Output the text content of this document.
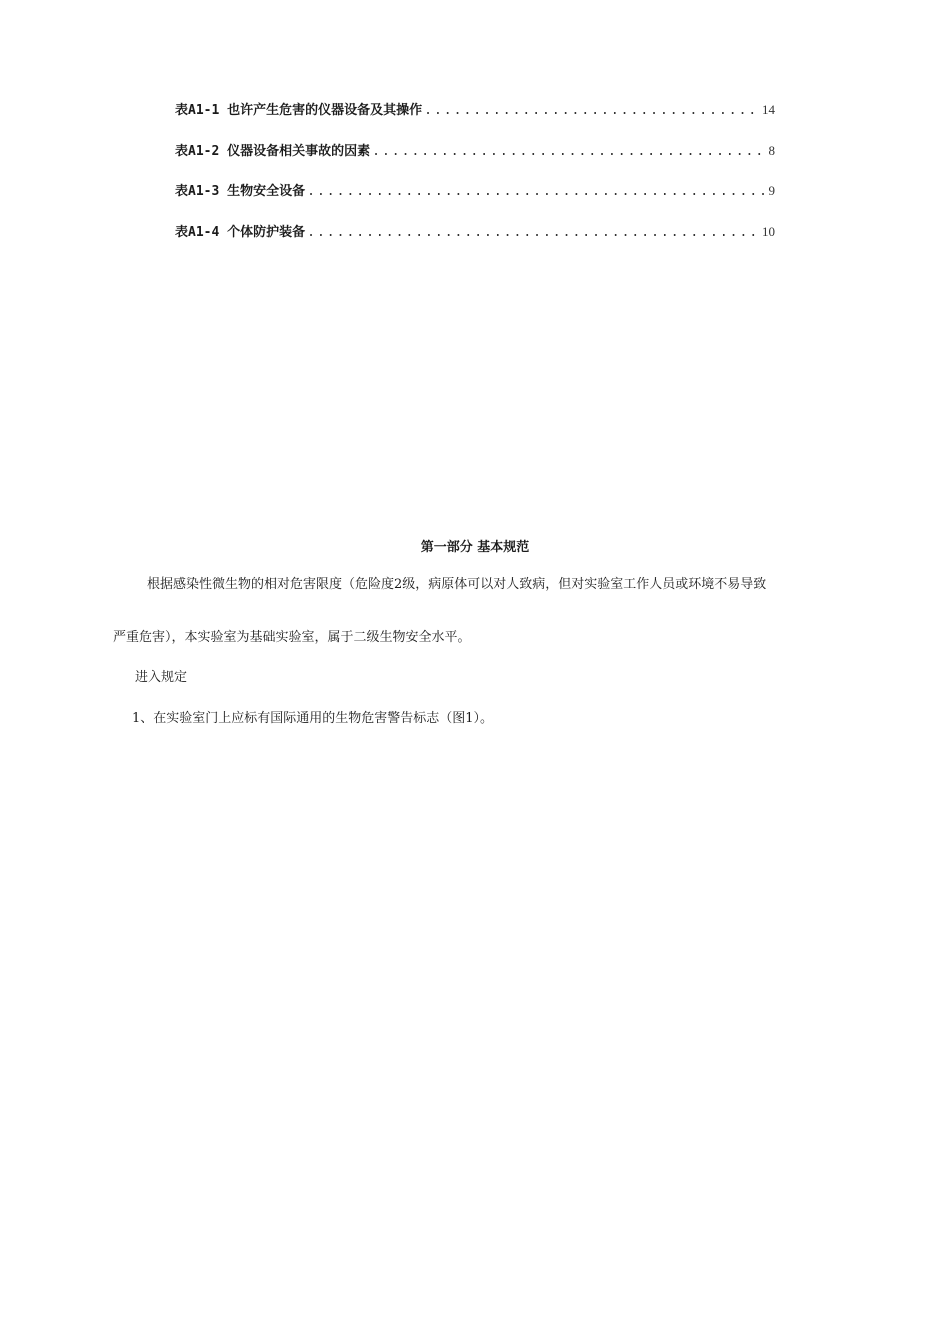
表A1-1 也许产生危害的仪器设备及其操作 .....	14
表A1-2 仪器设备相关事故的因素 .....	8
表A1-3 生物安全设备 .....	9
表A1-4 个体防护装备 .....	10
第一部分 基本规范
根据感染性微生物的相对危害限度（危险度2级，病原体可以对人致病，但对实验室工作人员或环境不易导致
严重危害），本实验室为基础实验室，属于二级生物安全水平。
进入规定
1、在实验室门上应标有国际通用的生物危害警告标志（图1）。
